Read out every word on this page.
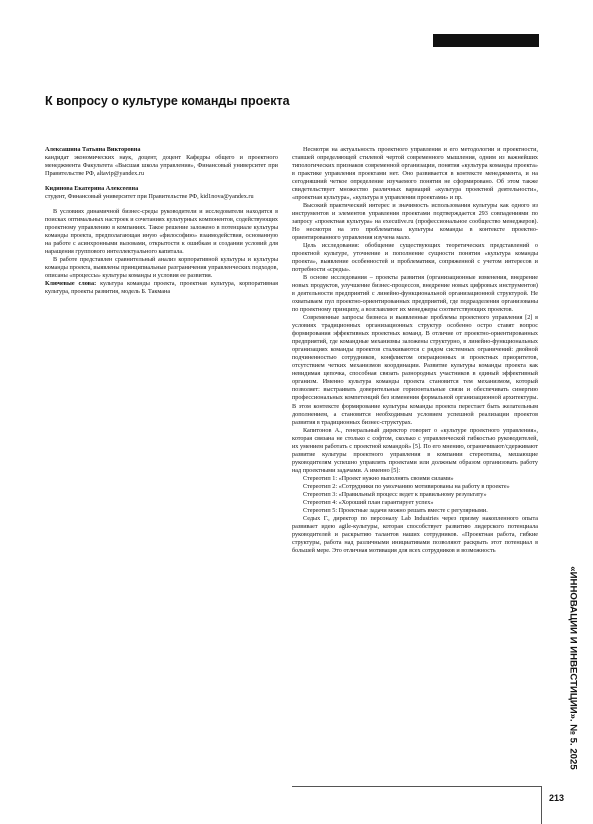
К вопросу о культуре команды проекта

Алексашина Татьяна Викторовна

кандидат экономических наук, доцент, доцент Кафедры общего и проектного менеджмента Факультета «Высшая школа управления», Финансовый университет при Правительстве РФ, altavip@yandex.ru

Кидинова Екатерина Алексеевна

студент, Финансовый университет при Правительстве РФ, kid1nova@yandex.ru

В условиях динамичной бизнес-среды руководители и исследователи находятся в поисках оптимальных настроек и сочетаниях культурных компонентов, содействующих проектному управлению в компаниях. Такое решение заложено в потенциале культуры команды проекта, предполагающая иную «философию» взаимодействия, основанную на работе с асинхронными вызовами, открытости к ошибкам и создании условий для наращения группового интеллектуального капитала.

В работе представлен сравнительный анализ корпоративной культуры и культуры команды проекта, выявлены принципиальные разграничения управленческих подходов, описаны «процессы» культуры команды и условия ее развития.

Ключевые слова: культура команды проекта, проектная культура, корпоративная культура, проекты развития, модель Б. Такмана

Несмотря на актуальность проектного управления и его методологии и проектности, ставшей определяющей стилевой чертой современного мышления, одним из важнейших типологических признаков современной организации, понятия «культура команды проекта» в практике управления проектами нет. Оно развивается в контексте менеджмента, и на сегодняшний четкое определение изучаемого понятия не сформировано. Об этом также свидетельствует множество различных вариаций «культура проектной деятельности», «проектная культура», «культура в управлении проектами» и пр.

Высокий практический интерес и значимость использования культуры как одного из инструментов и элементов управления проектами подтверждается 293 совпадениями по запросу «проектная культура» на executive.ru (профессиональное сообщество менеджеров). Но несмотря на это проблематика культуры команды в контексте проектно-ориентированного управления изучена мало.

Цель исследования: обобщение существующих теоретических представлений о проектной культуре, уточнение и пополнение сущности понятия «культура команды проекта», выявление особенностей и проблематики, сопряженной с учетом интересов и потребности «среды».

В основе исследования – проекты развития (организационные изменения, внедрение новых продуктов, улучшение бизнес-процессов, внедрение новых цифровых инструментов) в деятельности предприятий с линейно-функциональной организационной структурой. Не охватываем пул проектно-ориентированных предприятий, где подразделения организованы по проектному принципу, а возглавляют их менеджеры соответствующих проектов.

Современные запросы бизнеса и выявленные проблемы проектного управления [2] в условиях традиционных организационных структур особенно остро ставят вопрос формирования эффективных проектных команд. В отличие от проектно-ориентированных предприятий, где командные механизмы заложены структурно, в линейно-функциональных организациях команды проектов сталкиваются с рядом системных ограничений: двойной подчиненностью сотрудников, конфликтом операционных и проектных приоритетов, отсутствием четких механизмов координации. Развитие культуры команды проекта как невидимая цепочка, способная связать разнородных участников в единый эффективный организм. Именно культура команды проекта становится тем механизмом, который позволяет: выстраивать доверительные горизонтальные связи и обеспечивать синергию профессиональных компетенций без изменения формальной организационной архитектуры. В этом контексте формирование культуры команды проекта перестает быть желательным дополнением, а становится необходимым условием успешной реализации проектов развития в традиционных бизнес-структурах.

Капитонов А., генеральный директор говорит о «культуре проектного управления», которая связана не столько с софтом, сколько с управленческой гибкостью руководителей, их умением работать с проектной командой» [5]. По его мнению, ограничивают/сдерживают развитие культуры проектного управления в компании стереотипы, мешающие руководителям успешно управлять проектами или должным образом организовать работу над проектными задачами. А именно [5]:

Стереотип 1: «Проект нужно выполнять своими силами»

Стереотип 2: «Сотрудники по умолчанию мотивированы на работу в проекте»

Стереотип 3: «Правильный процесс ведет к правильному результату»

Стереотип 4: «Хороший план гарантирует успех»

Стереотип 5: Проектные задачи можно решать вместе с регулярными.

Седых Г., директор по персоналу Lab Industries через призму накопленного опыта развивает идею agile-культуры, которая способствует развитию лидерского потенциала руководителей и раскрытию талантов наших сотрудников. «Проектная работа, гибкие структуры, работа над различными инициативами позволяют раскрыть этот потенциал в большей мере. Это отличная мотивация для всех сотрудников и возможность

«ИННОВАЦИИ И ИНВЕСТИЦИИ». № 5. 2025
213
